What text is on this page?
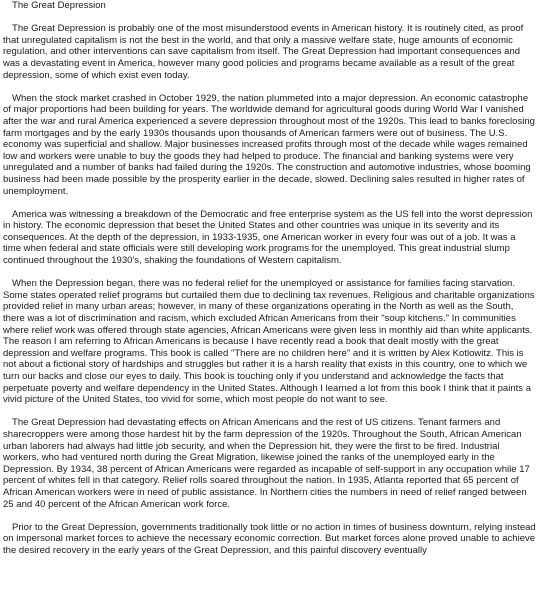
The Great Depression

The Great Depression is probably one of the most misunderstood events in American history. It is routinely cited, as proof that unregulated capitalism is not the best in the world, and that only a massive welfare state, huge amounts of economic regulation, and other interventions can save capitalism from itself. The Great Depression had important consequences and was a devastating event in America, however many good policies and programs became available as a result of the great depression, some of which exist even today.

When the stock market crashed in October 1929, the nation plummeted into a major depression. An economic catastrophe of major proportions had been building for years. The worldwide demand for agricultural goods during World War I vanished after the war and rural America experienced a severe depression throughout most of the 1920s. This lead to banks foreclosing farm mortgages and by the early 1930s thousands upon thousands of American farmers were out of business. The U.S. economy was superficial and shallow. Major businesses increased profits through most of the decade while wages remained low and workers were unable to buy the goods they had helped to produce. The financial and banking systems were very unregulated and a number of banks had failed during the 1920s. The construction and automotive industries, whose booming business had been made possible by the prosperity earlier in the decade, slowed. Declining sales resulted in higher rates of unemployment.

America was witnessing a breakdown of the Democratic and free enterprise system as the US fell into the worst depression in history. The economic depression that beset the United States and other countries was unique in its severity and its consequences. At the depth of the depression, in 1933-1935, one American worker in every four was out of a job. It was a time when federal and state officials were still developing work programs for the unemployed. This great industrial slump continued throughout the 1930's, shaking the foundations of Western capitalism.

When the Depression began, there was no federal relief for the unemployed or assistance for families facing starvation. Some states operated relief programs but curtailed them due to declining tax revenues. Religious and charitable organizations provided relief in many urban areas; however, in many of these organizations operating in the North as well as the South, there was a lot of discrimination and racism, which excluded African Americans from their "soup kitchens." In communities where relief work was offered through state agencies, African Americans were given less in monthly aid than white applicants. The reason I am referring to African Americans is because I have recently read a book that dealt mostly with the great depression and welfare programs. This book is called "There are no children here" and it is written by Alex Kotlowitz. This is not about a fictional story of hardships and struggles but rather it is a harsh reality that exists in this country, one to which we turn our backs and close our eyes to daily. This book is touching only if you understand and acknowledge the facts that perpetuate poverty and welfare dependency in the United States. Although I learned a lot from this book I think that it paints a vivid picture of the United States, too vivid for some, which most people do not want to see.

The Great Depression had devastating effects on African Americans and the rest of US citizens. Tenant farmers and sharecroppers were among those hardest hit by the farm depression of the 1920s. Throughout the South, African American urban laborers had always had little job security, and when the Depression hit, they were the first to be fired. Industrial workers, who had ventured north during the Great Migration, likewise joined the ranks of the unemployed early in the Depression. By 1934, 38 percent of African Americans were regarded as incapable of self-support in any occupation while 17 percent of whites fell in that category. Relief rolls soared throughout the nation. In 1935, Atlanta reported that 65 percent of African American workers were in need of public assistance. In Northern cities the numbers in need of relief ranged between 25 and 40 percent of the African American work force.

Prior to the Great Depression, governments traditionally took little or no action in times of business downturn, relying instead on impersonal market forces to achieve the necessary economic correction. But market forces alone proved unable to achieve the desired recovery in the early years of the Great Depression, and this painful discovery eventually
